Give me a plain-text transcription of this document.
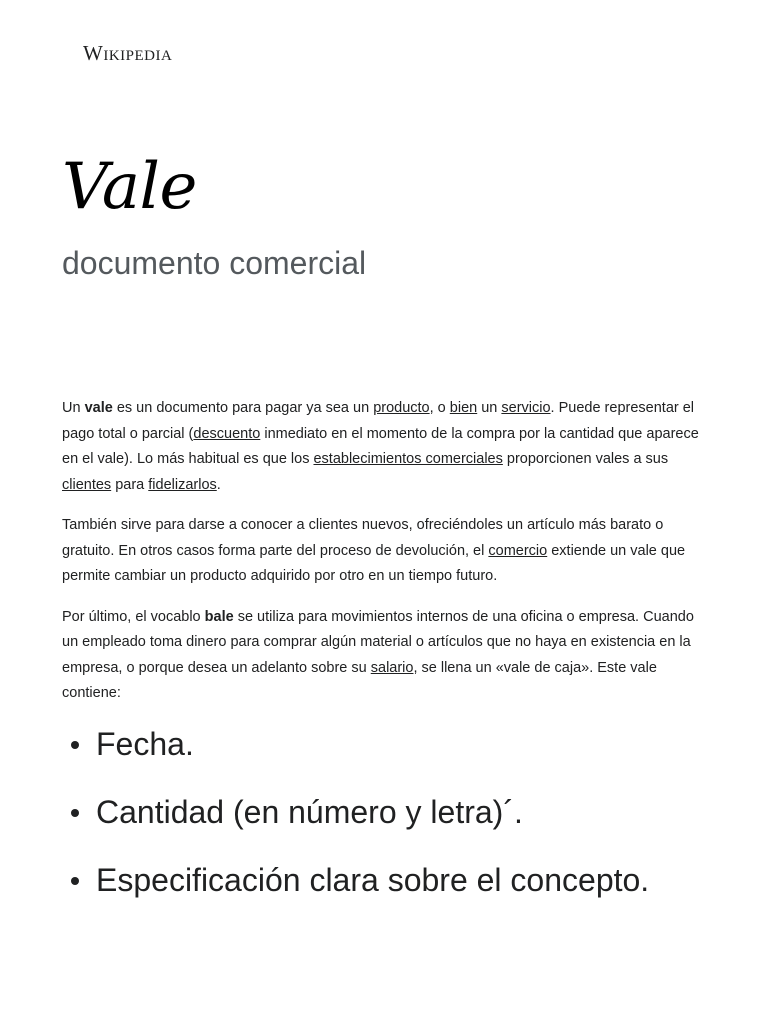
Wikipedia
Vale
documento comercial

Un vale es un documento para pagar ya sea un producto, o bien un servicio. Puede representar el pago total o parcial (descuento inmediato en el momento de la compra por la cantidad que aparece en el vale). Lo más habitual es que los establecimientos comerciales proporcionen vales a sus clientes para fidelizarlos.

También sirve para darse a conocer a clientes nuevos, ofreciéndoles un artículo más barato o gratuito. En otros casos forma parte del proceso de devolución, el comercio extiende un vale que permite cambiar un producto adquirido por otro en un tiempo futuro.

Por último, el vocablo bale se utiliza para movimientos internos de una oficina o empresa. Cuando un empleado toma dinero para comprar algún material o artículos que no haya en existencia en la empresa, o porque desea un adelanto sobre su salario, se llena un «vale de caja». Este vale contiene:

Fecha.
Cantidad (en número y letra)´.
Especificación clara sobre el concepto.
